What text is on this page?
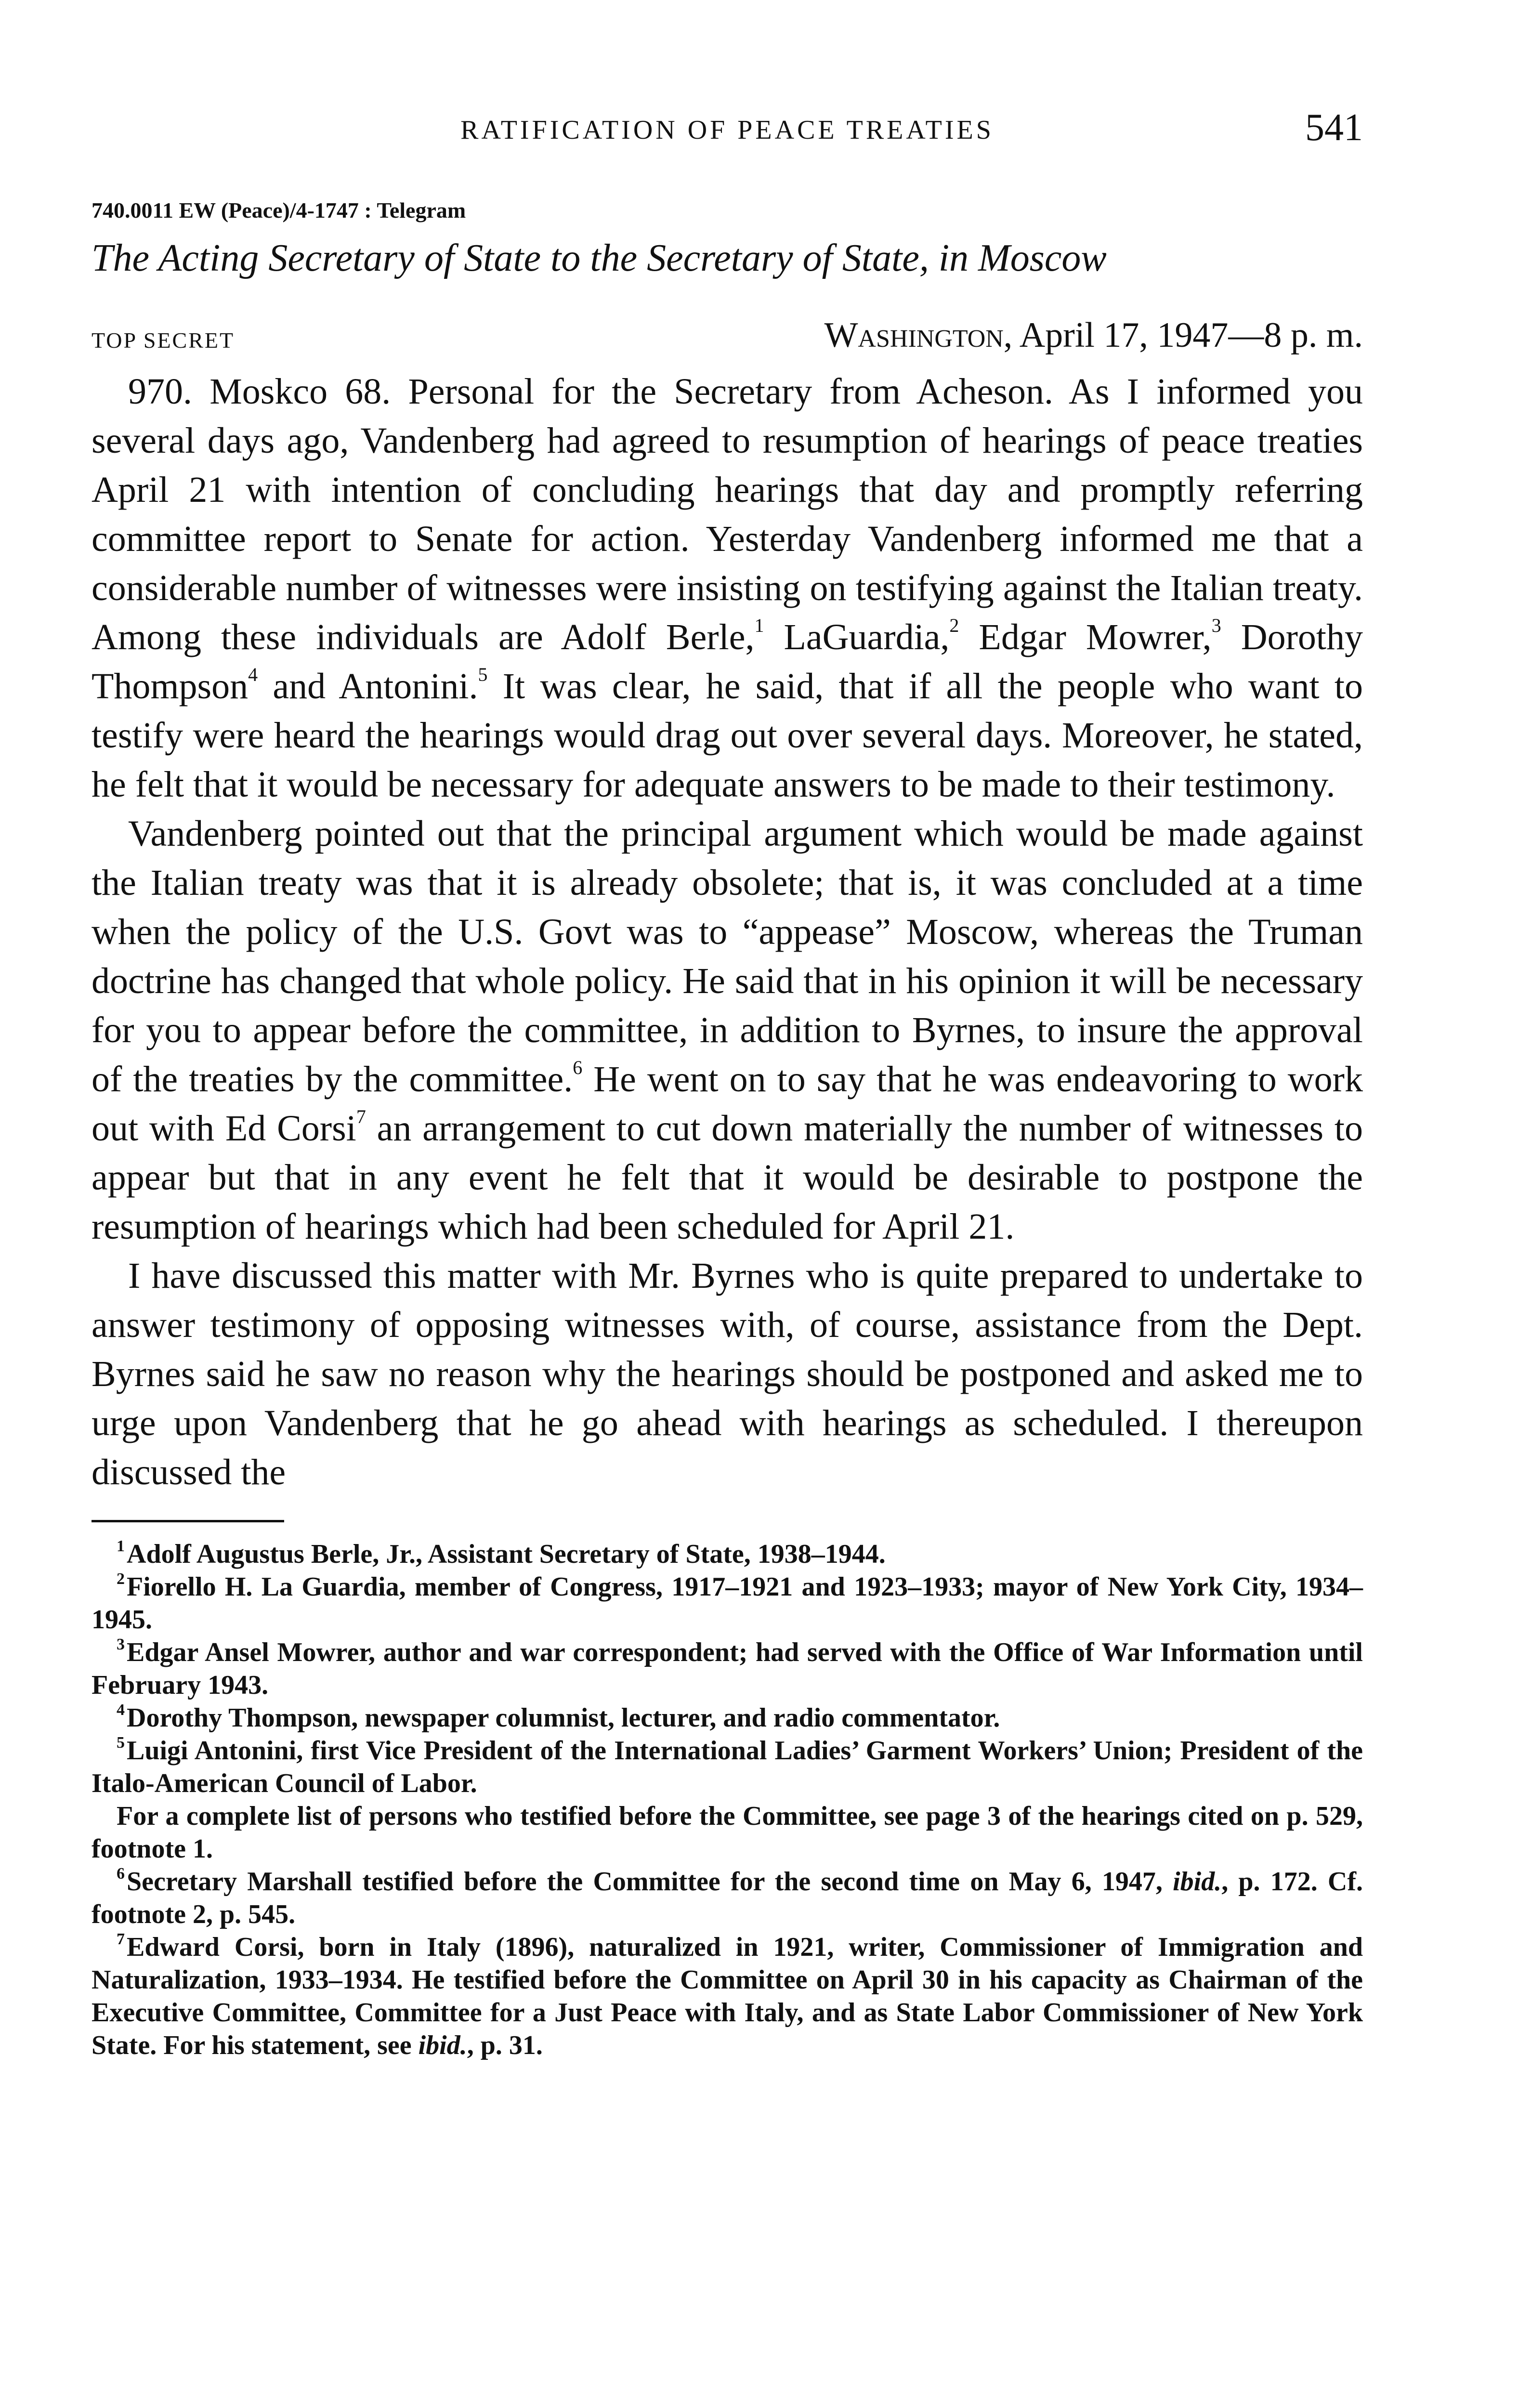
RATIFICATION OF PEACE TREATIES	541
740.0011 EW (Peace)/4-1747 : Telegram
The Acting Secretary of State to the Secretary of State, in Moscow
TOP SECRET	Washington, April 17, 1947—8 p. m.

970. Moskco 68. Personal for the Secretary from Acheson. As I informed you several days ago, Vandenberg had agreed to resumption of hearings of peace treaties April 21 with intention of concluding hearings that day and promptly referring committee report to Senate for action. Yesterday Vandenberg informed me that a considerable number of witnesses were insisting on testifying against the Italian treaty. Among these individuals are Adolf Berle,$^1$ LaGuardia,$^2$ Edgar Mowrer,$^3$ Dorothy Thompson$^4$ and Antonini.$^5$ It was clear, he said, that if all the people who want to testify were heard the hearings would drag out over several days. Moreover, he stated, he felt that it would be necessary for adequate answers to be made to their testimony.

Vandenberg pointed out that the principal argument which would be made against the Italian treaty was that it is already obsolete; that is, it was concluded at a time when the policy of the U.S. Govt was to “appease” Moscow, whereas the Truman doctrine has changed that whole policy. He said that in his opinion it will be necessary for you to appear before the committee, in addition to Byrnes, to insure the approval of the treaties by the committee.$^6$ He went on to say that he was endeavoring to work out with Ed Corsi$^7$ an arrangement to cut down materially the number of witnesses to appear but that in any event he felt that it would be desirable to postpone the resumption of hearings which had been scheduled for April 21.

I have discussed this matter with Mr. Byrnes who is quite prepared to undertake to answer testimony of opposing witnesses with, of course, assistance from the Dept. Byrnes said he saw no reason why the hearings should be postponed and asked me to urge upon Vandenberg that he go ahead with hearings as scheduled. I thereupon discussed the

$^1$Adolf Augustus Berle, Jr., Assistant Secretary of State, 1938–1944.

$^2$Fiorello H. La Guardia, member of Congress, 1917–1921 and 1923–1933; mayor of New York City, 1934–1945.

$^3$Edgar Ansel Mowrer, author and war correspondent; had served with the Office of War Information until February 1943.

$^4$Dorothy Thompson, newspaper columnist, lecturer, and radio commentator.

$^5$Luigi Antonini, first Vice President of the International Ladies’ Garment Workers’ Union; President of the Italo-American Council of Labor.

For a complete list of persons who testified before the Committee, see page 3 of the hearings cited on p. 529, footnote 1.

$^6$Secretary Marshall testified before the Committee for the second time on May 6, 1947, ibid., p. 172. Cf. footnote 2, p. 545.

$^7$Edward Corsi, born in Italy (1896), naturalized in 1921, writer, Commissioner of Immigration and Naturalization, 1933–1934. He testified before the Committee on April 30 in his capacity as Chairman of the Executive Committee, Committee for a Just Peace with Italy, and as State Labor Commissioner of New York State. For his statement, see ibid., p. 31.
